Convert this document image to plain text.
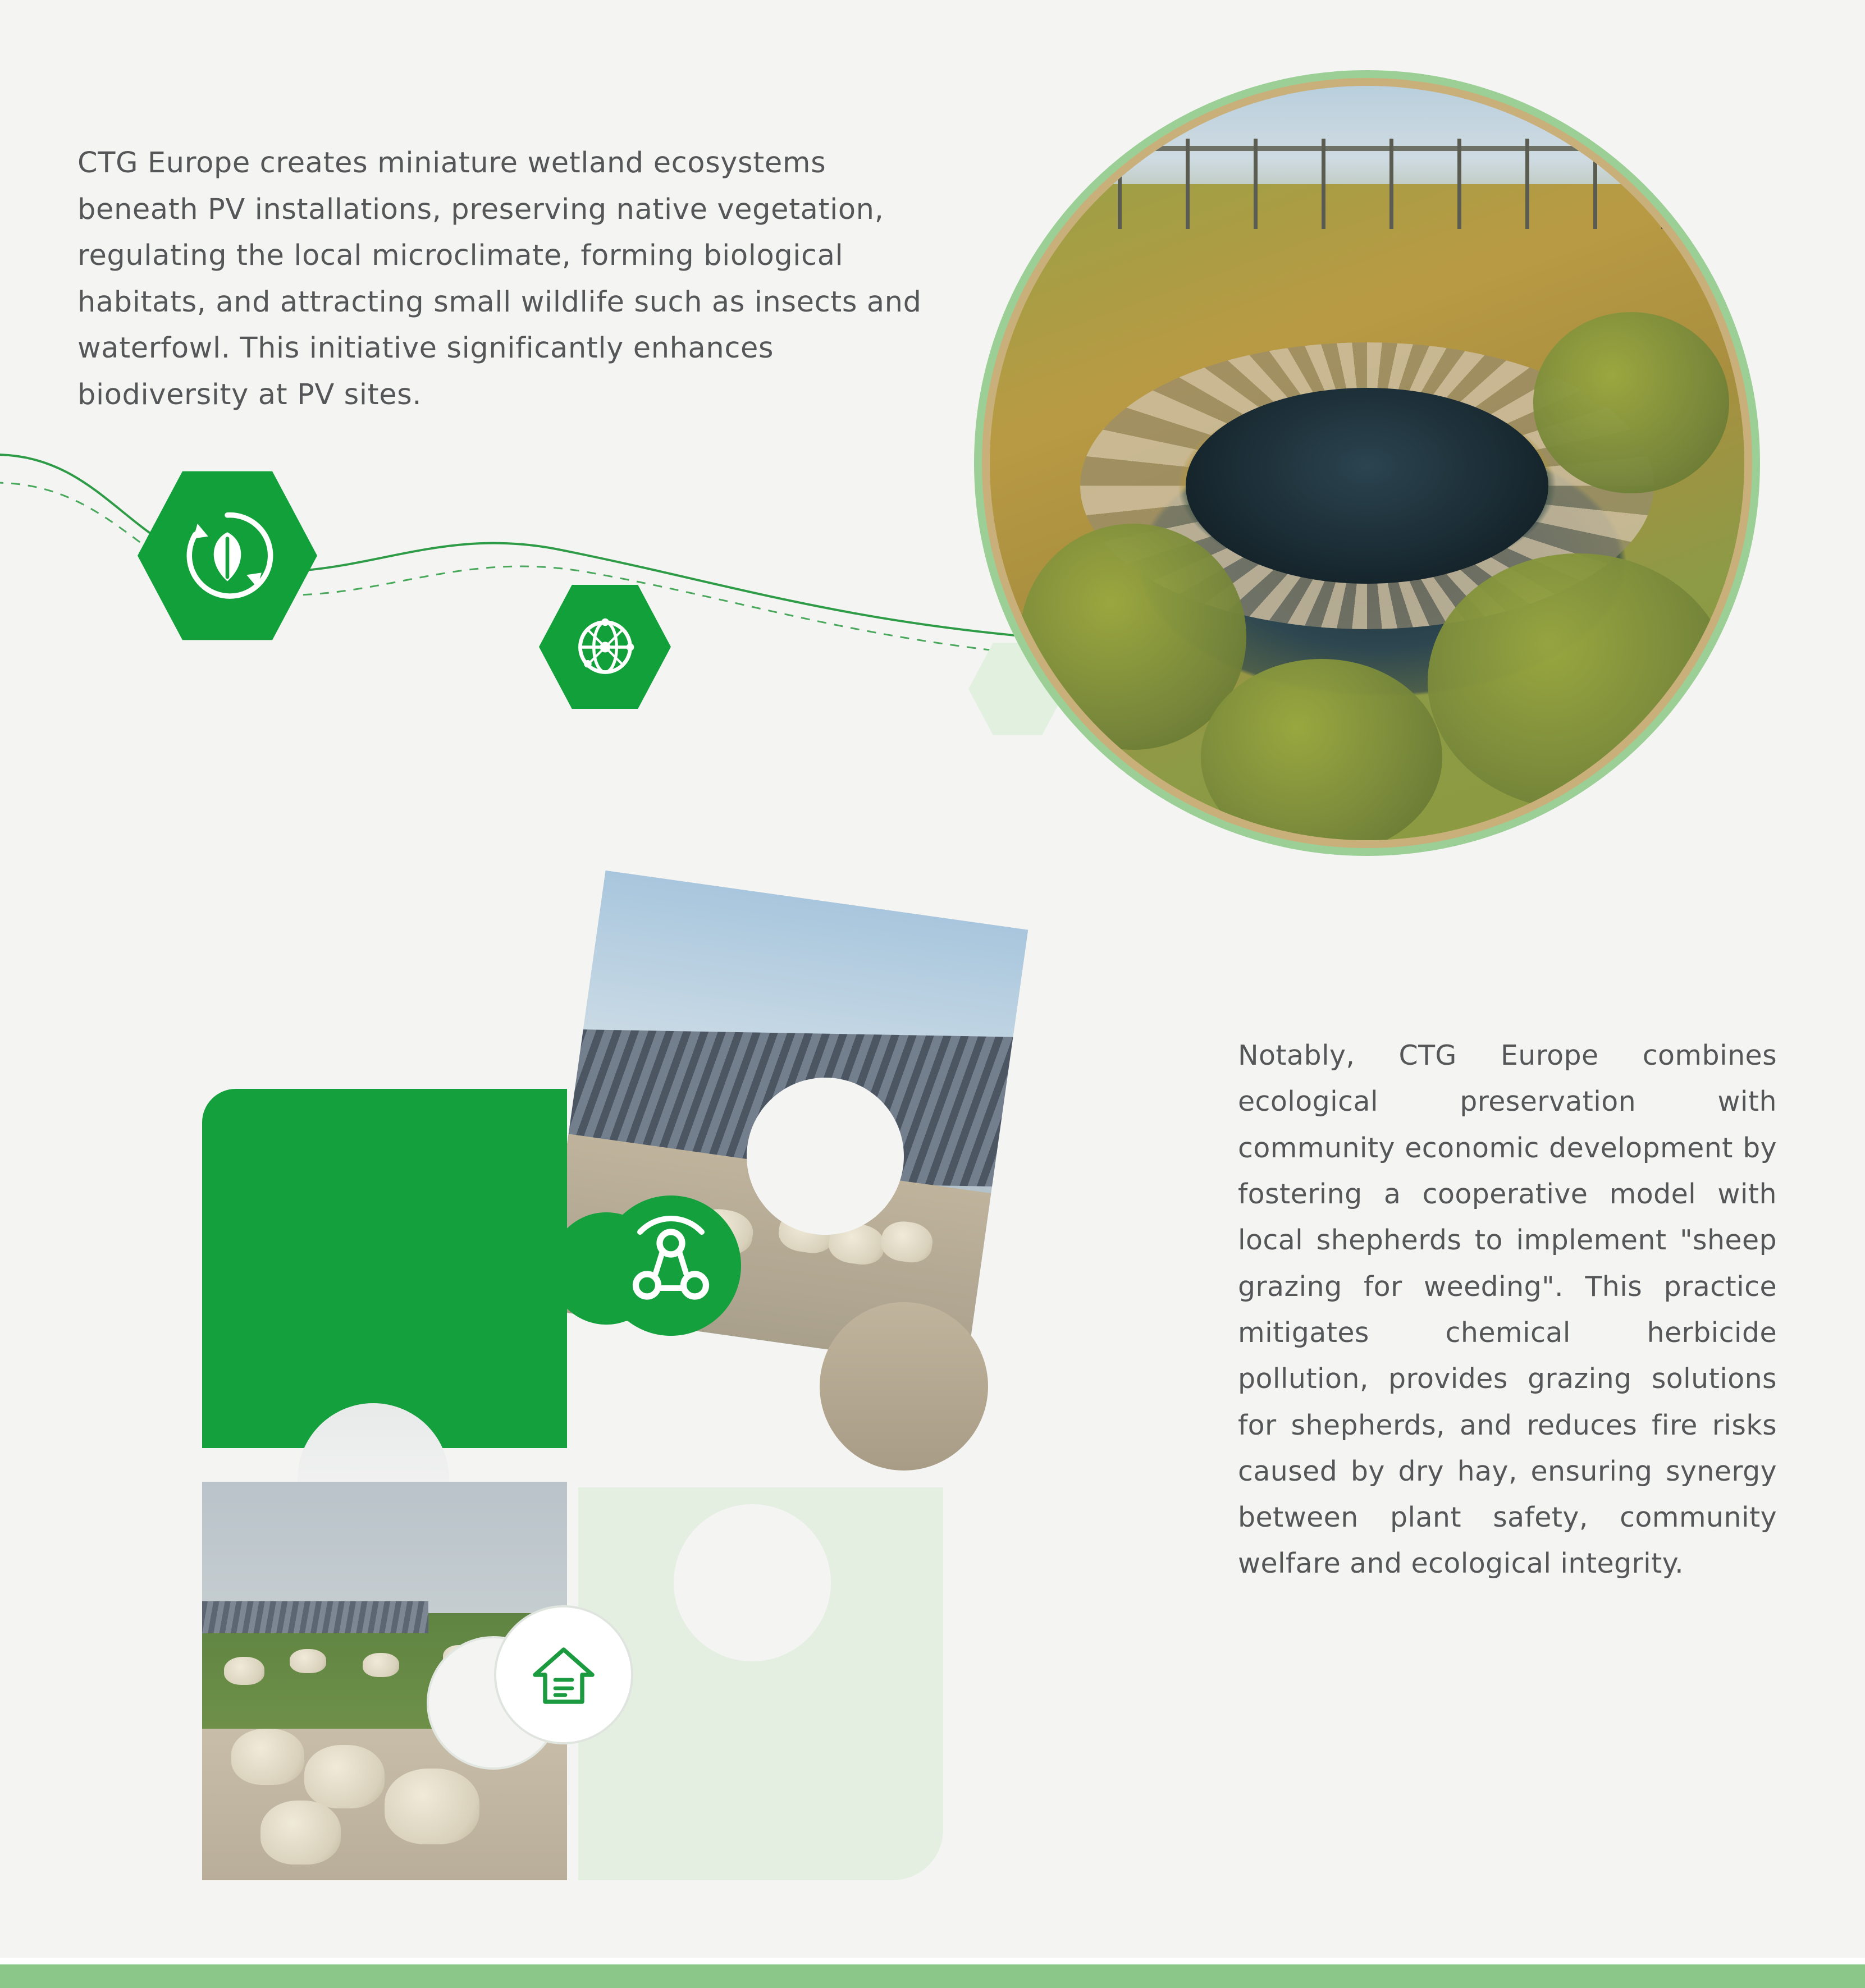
CTG Europe creates miniature wetland ecosystems beneath PV installations, preserving native vegetation, regulating the local microclimate, forming biological habitats, and attracting small wildlife such as insects and waterfowl. This initiative significantly enhances biodiversity at PV sites.
Notably, CTG Europe combines ecological preservation with community economic development by fostering a cooperative model with local shepherds to implement "sheep grazing for weeding". This practice mitigates chemical herbicide pollution, provides grazing solutions for shepherds, and reduces fire risks caused by dry hay, ensuring synergy between plant safety, community welfare and ecological integrity.
